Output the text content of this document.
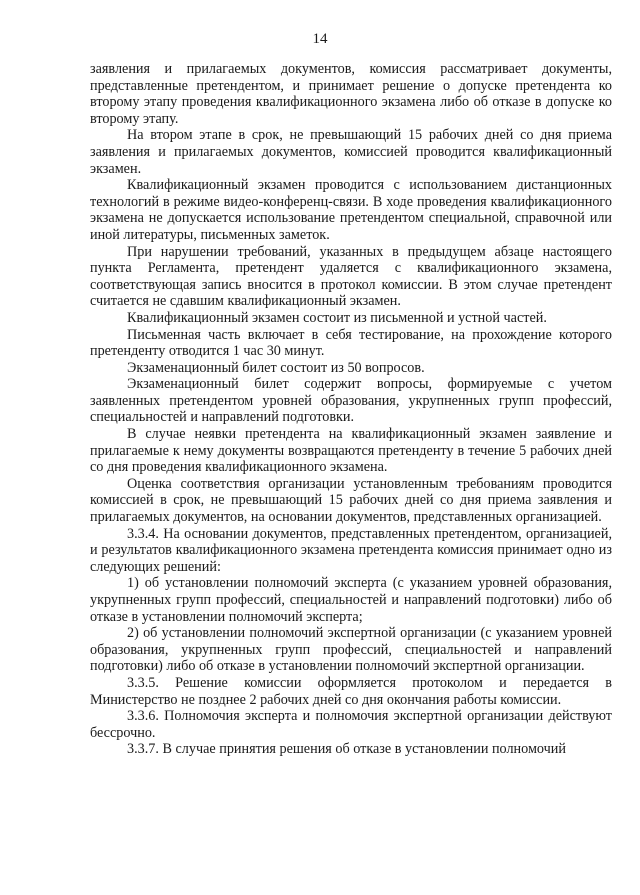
14

заявления и прилагаемых документов, комиссия рассматривает документы, представленные претендентом, и принимает решение о допуске претендента ко второму этапу проведения квалификационного экзамена либо об отказе в допуске ко второму этапу.

На втором этапе в срок, не превышающий 15 рабочих дней со дня приема заявления и прилагаемых документов, комиссией проводится квалификационный экзамен.

Квалификационный экзамен проводится с использованием дистанционных технологий в режиме видео-конференц-связи. В ходе проведения квалификационного экзамена не допускается использование претендентом специальной, справочной или иной литературы, письменных заметок.

При нарушении требований, указанных в предыдущем абзаце настоящего пункта Регламента, претендент удаляется с квалификационного экзамена, соответствующая запись вносится в протокол комиссии. В этом случае претендент считается не сдавшим квалификационный экзамен.

Квалификационный экзамен состоит из письменной и устной частей.

Письменная часть включает в себя тестирование, на прохождение которого претенденту отводится 1 час 30 минут.

Экзаменационный билет состоит из 50 вопросов.

Экзаменационный билет содержит вопросы, формируемые с учетом заявленных претендентом уровней образования, укрупненных групп профессий, специальностей и направлений подготовки.

В случае неявки претендента на квалификационный экзамен заявление и прилагаемые к нему документы возвращаются претенденту в течение 5 рабочих дней со дня проведения квалификационного экзамена.

Оценка соответствия организации установленным требованиям проводится комиссией в срок, не превышающий 15 рабочих дней со дня приема заявления и прилагаемых документов, на основании документов, представленных организацией.

3.3.4. На основании документов, представленных претендентом, организацией, и результатов квалификационного экзамена претендента комиссия принимает одно из следующих решений:

1) об установлении полномочий эксперта (с указанием уровней образования, укрупненных групп профессий, специальностей и направлений подготовки) либо об отказе в установлении полномочий эксперта;

2) об установлении полномочий экспертной организации (с указанием уровней образования, укрупненных групп профессий, специальностей и направлений подготовки) либо об отказе в установлении полномочий экспертной организации.

3.3.5. Решение комиссии оформляется протоколом и передается в Министерство не позднее 2 рабочих дней со дня окончания работы комиссии.

3.3.6. Полномочия эксперта и полномочия экспертной организации действуют бессрочно.

3.3.7. В случае принятия решения об отказе в установлении полномочий
